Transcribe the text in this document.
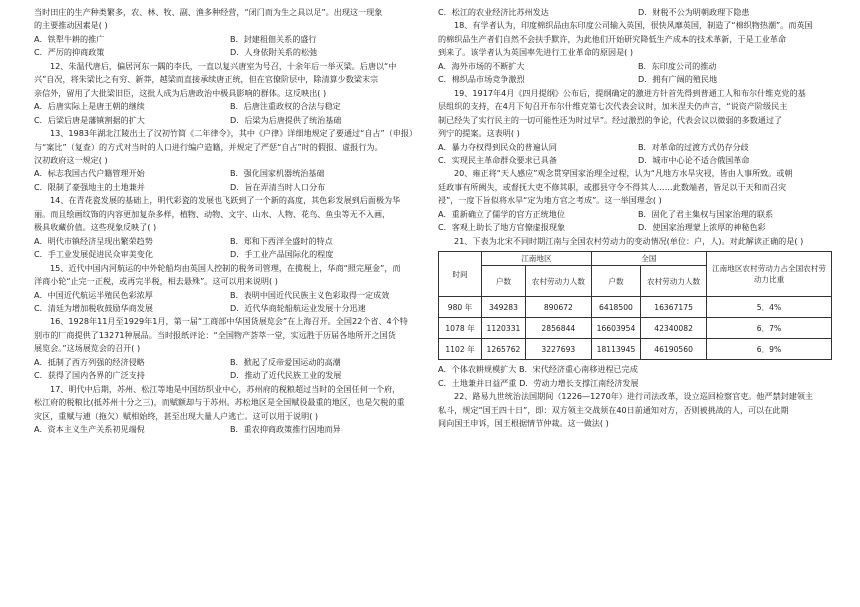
当时田庄的生产种类繁多，农、林、牧、副、渔多种经营，“闭门而为生之具以足”。出现这一现象
的主要推动因素是( )
A．铁犁牛耕的推广	B．封建租佃关系的盛行
C．严厉的抑商政策	D．人身依附关系的松弛
12、朱温代唐后，偏居河东一隅的李氏，一直以复兴唐室为号召，十余年后一举灭梁。后唐以“中
兴”自况，将朱梁比之有穷、新莽，越梁而直接承续唐正统，但在官僚阶层中，除清算少数梁末宗
亲信外，留用了大批梁旧臣，这批人成为后唐政治中极具影响的群体。这反映出( )
A．后唐实际上是唐王朝的继续	B．后唐注重政权的合法与稳定
C．后梁后唐是藩镇割据的扩大	D．后梁为后唐提供了统治基础
13、1983年湖北江陵出土了汉初竹简《二年律令》，其中《户律》详细地规定了要通过“自占”（申报）
与“案比”（复查）的方式对当时的人口进行编户造籍，并规定了严惩“自占”时的假报、虚报行为。
汉初政府这一规定( )
A．标志我国古代户籍管理开始	B．强化国家机器统治基础
C．限制了豪强地主的土地兼并	D．旨在弄清当时人口分布
14、在青花瓷发展的基础上，明代彩瓷的发展也飞跃到了一个新的高度，其色彩发展到后面极为华
丽。而且绘画纹饰的内容更加复杂多样，植物、动物、文字、山水、人物、花鸟、鱼虫等无不入画，
极具收藏价值。这些现象反映了( )
A．明代市镇经济呈现出繁荣趋势	B．郑和下西洋全盛时的特点
C．手工业发展促进民众审美变化	D．手工业产品国际化的程度
15、近代中国内河航运的中外轮船均由英国人控制的税务司管理，在揽税上，华商“照完厘金”，而
洋商小轮“止完一正税，或再完半税，相去悬殊”。这可以用来说明( )
A．中国近代航运半殖民色彩浓厚	B．表明中国近代民族主义色彩取得一定成效
C．清廷为增加税收鼓励华商发展	D．近代华商轮船航运业发展十分迅速
16、1928年11月至1929年1月，第一届“工商部中华国货展览会”在上海召开。全国22个省、4个特
别市的厂商提供了13271种展品。当时报纸评论：“全国物产荟萃一堂，实远胜于历届各地所开之国货
展览会。”这场展览会的召开( )
A．抵制了西方列强的经济侵略	B．掀起了反帝爱国运动的高潮
C．获得了国内各界的广泛支持	D．推动了近代民族工业的发展
17、明代中后期，苏州、松江等地是中国纺织业中心，苏州府的税粮超过当时的全国任何一个府，
松江府的税粮比(抵苏州十分之三)，而赋额却与于苏州。苏松地区是全国赋役最重的地区，也是欠税的重
灾区，重赋与逋（拖欠）赋相始终，甚至出现大量人户逃亡。这可以用于说明( )
A．资本主义生产关系初见端倪	B．重农抑商政策推行因地而异
C．松江的农业经济比苏州发达	D．财税不公为明朝政理下隐患
18、有学者认为，印度棉织品由东印度公司输入英国，很快风靡英国，制造了“棉织物热潮”。而英国
的棉织品生产者们自然不会扶手默许，为此他们开始研究降低生产成本的技术革新，于是工业革命
到来了。该学者认为英国率先进行工业革命的原因是( )
A．海外市场的不断扩大	B．东印度公司的推动
C．棉织品市场竞争激烈	D．拥有广阔的殖民地
19、1917年4月《四月提纲》公布后，提纲确定的激进方针首先得到普通工人和布尔什维克党的基
层组织的支持，在4月下旬召开布尔什维克第七次代表会议时，加米涅夫仍声言，“说资产阶级民主
制已经失了实行民主的一切可能性还为时过早”。经过激烈的争论，代表会议以微弱的多数通过了
列宁的提案。这表明( )
A．暴力夺权得到民众的普遍认同	B．对革命的过渡方式仍存分歧
C．实现民主革命群众要求已具备	D．城市中心论不适合俄国革命
20、雍正将“天人感应”观念贯穿国家治理全过程，认为“凡地方水旱灾祲，皆由人事所致。或朝
廷政事有所阙失，或督抚大吏不修其职，或郡县守令不得其人……此数端者，皆足以干天和而召灾
祲”，一度下旨似将水旱“定为地方官之考成”。这一举国理念( )
A．重新确立了儒学的官方正统地位	B．固化了君主集权与国家治理的联系
C．客观上助长了地方官僚虚报现象	D．使国家治理蒙上浓厚的神秘色彩
21、下表为北宋不同时期江南与全国农村劳动力的变动情况(单位：户，人)。对此解读正确的是( )
时间	江南地区		全国		江南地区农村劳动力占全国农村劳动力比重
	户数	农村劳动力人数	户数	农村劳动力人数	
980 年	349283	890672	6418500	16367175	5．4%
1078 年	1120331	2856844	16603954	42340082	6．7%
1102 年	1265762	3227693	18113945	46190560	6．9%
A．个体农耕规模扩大 B．宋代经济重心南移进程已完成
C．土地兼并日益严重 D．劳动力增长支撑江南经济发展
22、路易九世统治法国期间（1226—1270年）进行司法改革，设立巡回检察官吏。他严禁封建领主
私斗，规定“国王四十日”，即：双方领主交战须在40日前通知对方，否则被挑战的人，可以在此期
间向国王申诉，国王根据情节仲裁。这一做法( )
